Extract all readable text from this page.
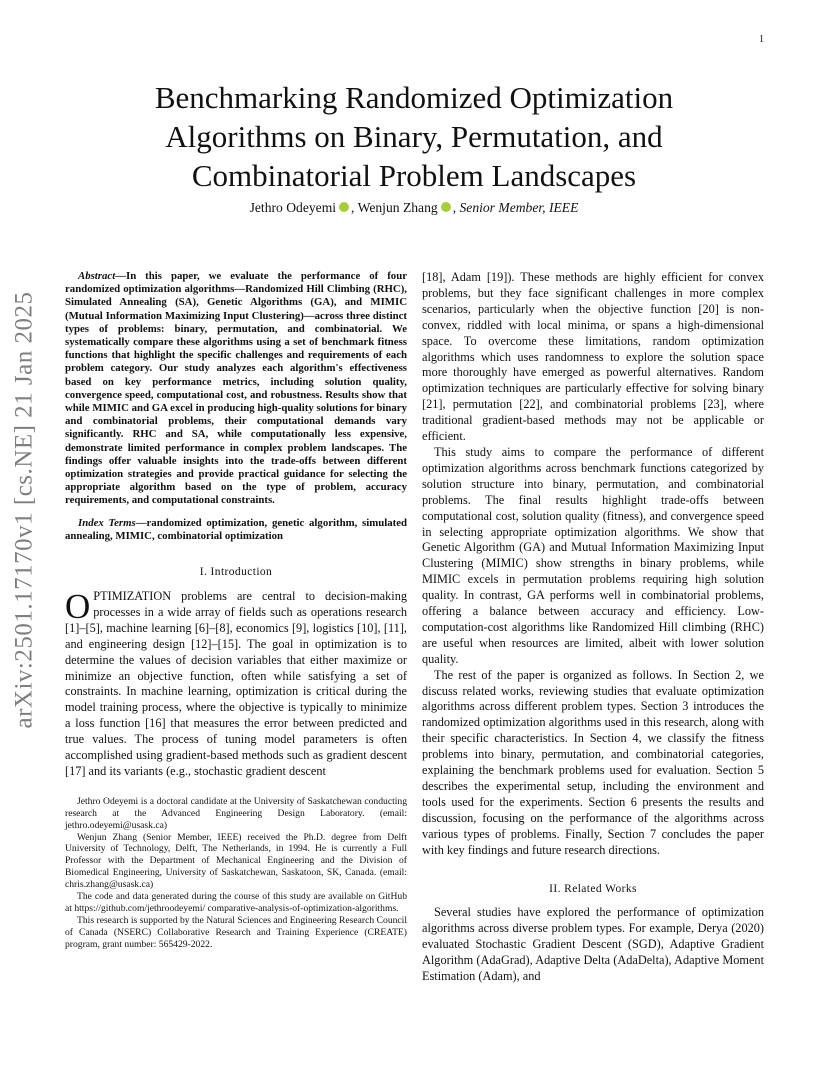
1
arXiv:2501.17170v1 [cs.NE] 21 Jan 2025
Benchmarking Randomized Optimization
Algorithms on Binary, Permutation, and
Combinatorial Problem Landscapes
Jethro Odeyemi , Wenjun Zhang , Senior Member, IEEE

Abstract—In this paper, we evaluate the performance of four randomized optimization algorithms—Randomized Hill Climbing (RHC), Simulated Annealing (SA), Genetic Algorithms (GA), and MIMIC (Mutual Information Maximizing Input Clustering)—across three distinct types of problems: binary, permutation, and combinatorial. We systematically compare these algorithms using a set of benchmark fitness functions that highlight the specific challenges and requirements of each problem category. Our study analyzes each algorithm's effectiveness based on key performance metrics, including solution quality, convergence speed, computational cost, and robustness. Results show that while MIMIC and GA excel in producing high-quality solutions for binary and combinatorial problems, their computational demands vary significantly. RHC and SA, while computationally less expensive, demonstrate limited performance in complex problem landscapes. The findings offer valuable insights into the trade-offs between different optimization strategies and provide practical guidance for selecting the appropriate algorithm based on the type of problem, accuracy requirements, and computational constraints.

Index Terms—randomized optimization, genetic algorithm, simulated annealing, MIMIC, combinatorial optimization

I. Introduction

OPTIMIZATION problems are central to decision-making processes in a wide array of fields such as operations research [1]–[5], machine learning [6]–[8], economics [9], logistics [10], [11], and engineering design [12]–[15]. The goal in optimization is to determine the values of decision variables that either maximize or minimize an objective function, often while satisfying a set of constraints. In machine learning, optimization is critical during the model training process, where the objective is typically to minimize a loss function [16] that measures the error between predicted and true values. The process of tuning model parameters is often accomplished using gradient-based methods such as gradient descent [17] and its variants (e.g., stochastic gradient descent

Jethro Odeyemi is a doctoral candidate at the University of Saskatchewan conducting research at the Advanced Engineering Design Laboratory. (email: jethro.odeyemi@usask.ca)

Wenjun Zhang (Senior Member, IEEE) received the Ph.D. degree from Delft University of Technology, Delft, The Netherlands, in 1994. He is currently a Full Professor with the Department of Mechanical Engineering and the Division of Biomedical Engineering, University of Saskatchewan, Saskatoon, SK, Canada. (email: chris.zhang@usask.ca)

The code and data generated during the course of this study are available on GitHub at https://github.com/jethroodeyemi/ comparative-analysis-of-optimization-algorithms.

This research is supported by the Natural Sciences and Engineering Research Council of Canada (NSERC) Collaborative Research and Training Experience (CREATE) program, grant number: 565429-2022.

[18], Adam [19]). These methods are highly efficient for convex problems, but they face significant challenges in more complex scenarios, particularly when the objective function [20] is non-convex, riddled with local minima, or spans a high-dimensional space. To overcome these limitations, random optimization algorithms which uses randomness to explore the solution space more thoroughly have emerged as powerful alternatives. Random optimization techniques are particularly effective for solving binary [21], permutation [22], and combinatorial problems [23], where traditional gradient-based methods may not be applicable or efficient.

This study aims to compare the performance of different optimization algorithms across benchmark functions categorized by solution structure into binary, permutation, and combinatorial problems. The final results highlight trade-offs between computational cost, solution quality (fitness), and convergence speed in selecting appropriate optimization algorithms. We show that Genetic Algorithm (GA) and Mutual Information Maximizing Input Clustering (MIMIC) show strengths in binary problems, while MIMIC excels in permutation problems requiring high solution quality. In contrast, GA performs well in combinatorial problems, offering a balance between accuracy and efficiency. Low-computation-cost algorithms like Randomized Hill climbing (RHC) are useful when resources are limited, albeit with lower solution quality.

The rest of the paper is organized as follows. In Section 2, we discuss related works, reviewing studies that evaluate optimization algorithms across different problem types. Section 3 introduces the randomized optimization algorithms used in this research, along with their specific characteristics. In Section 4, we classify the fitness problems into binary, permutation, and combinatorial categories, explaining the benchmark problems used for evaluation. Section 5 describes the experimental setup, including the environment and tools used for the experiments. Section 6 presents the results and discussion, focusing on the performance of the algorithms across various types of problems. Finally, Section 7 concludes the paper with key findings and future research directions.

II. Related Works

Several studies have explored the performance of optimization algorithms across diverse problem types. For example, Derya (2020) evaluated Stochastic Gradient Descent (SGD), Adaptive Gradient Algorithm (AdaGrad), Adaptive Delta (AdaDelta), Adaptive Moment Estimation (Adam), and
